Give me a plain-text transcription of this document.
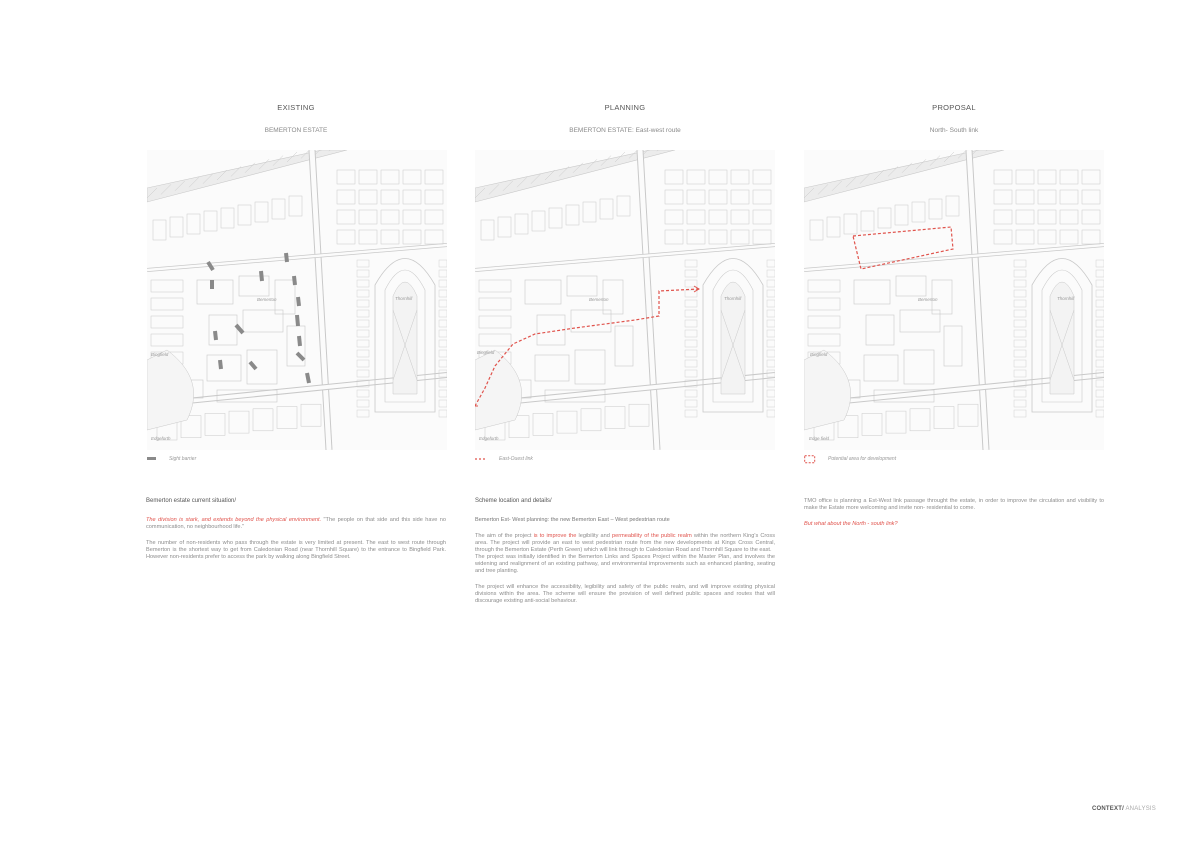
EXISTING	PLANNING	PROPOSAL
BEMERTON ESTATE	BEMERTON ESTATE: East-west route	North- South link
Bemerton	Thornhill
Bingfield
Edgeforth
Bemerton	Thornhill
Bingfield
Edgeforth
Bemerton	Thornhill
Bingfield
Edge field
Sight barrier	East-Ouest link	Potential area for development
Bemerton estate current situation/

The division is stark, and extends beyond the physical environment. "The people on that side and this side have no communication, no neighbourhood life."

The number of non-residents who pass through the estate is very limited at present. The east to west route through Bemerton is the shortest way to get from Caledonian Road (near Thornhill Square) to the entrance to Bingfield Park. However non-residents prefer to access the park by walking along Bingfield Street.

Scheme location and details/
Bemerton Est- West planning: the new Bemerton East – West pedestrian route

The aim of the project is to improve the legibility and permeability of the public realm within the northern King's Cross area. The project will provide an east to west pedestrian route from the new developments at Kings Cross Central, through the Bemerton Estate (Perth Green) which will link through to Caledonian Road and Thornhill Square to the east.
The project was initially identified in the Bemerton Links and Spaces Project within the Master Plan, and involves the widening and realignment of an existing pathway, and environmental improvements such as enhanced planting, seating and tree planting.

The project will enhance the accessibility, legibility and safety of the public realm, and will improve existing physical divisions within the area. The scheme will ensure the provision of well defined public spaces and routes that will discourage existing anti-social behaviour.

TMO office is planning a Est-West link passage throught the estate, in order to improve the circulation and visibility to make the Estate more welcoming and invite non- residential to come.

But what about the North - south link?

CONTEXT/ ANALYSIS
